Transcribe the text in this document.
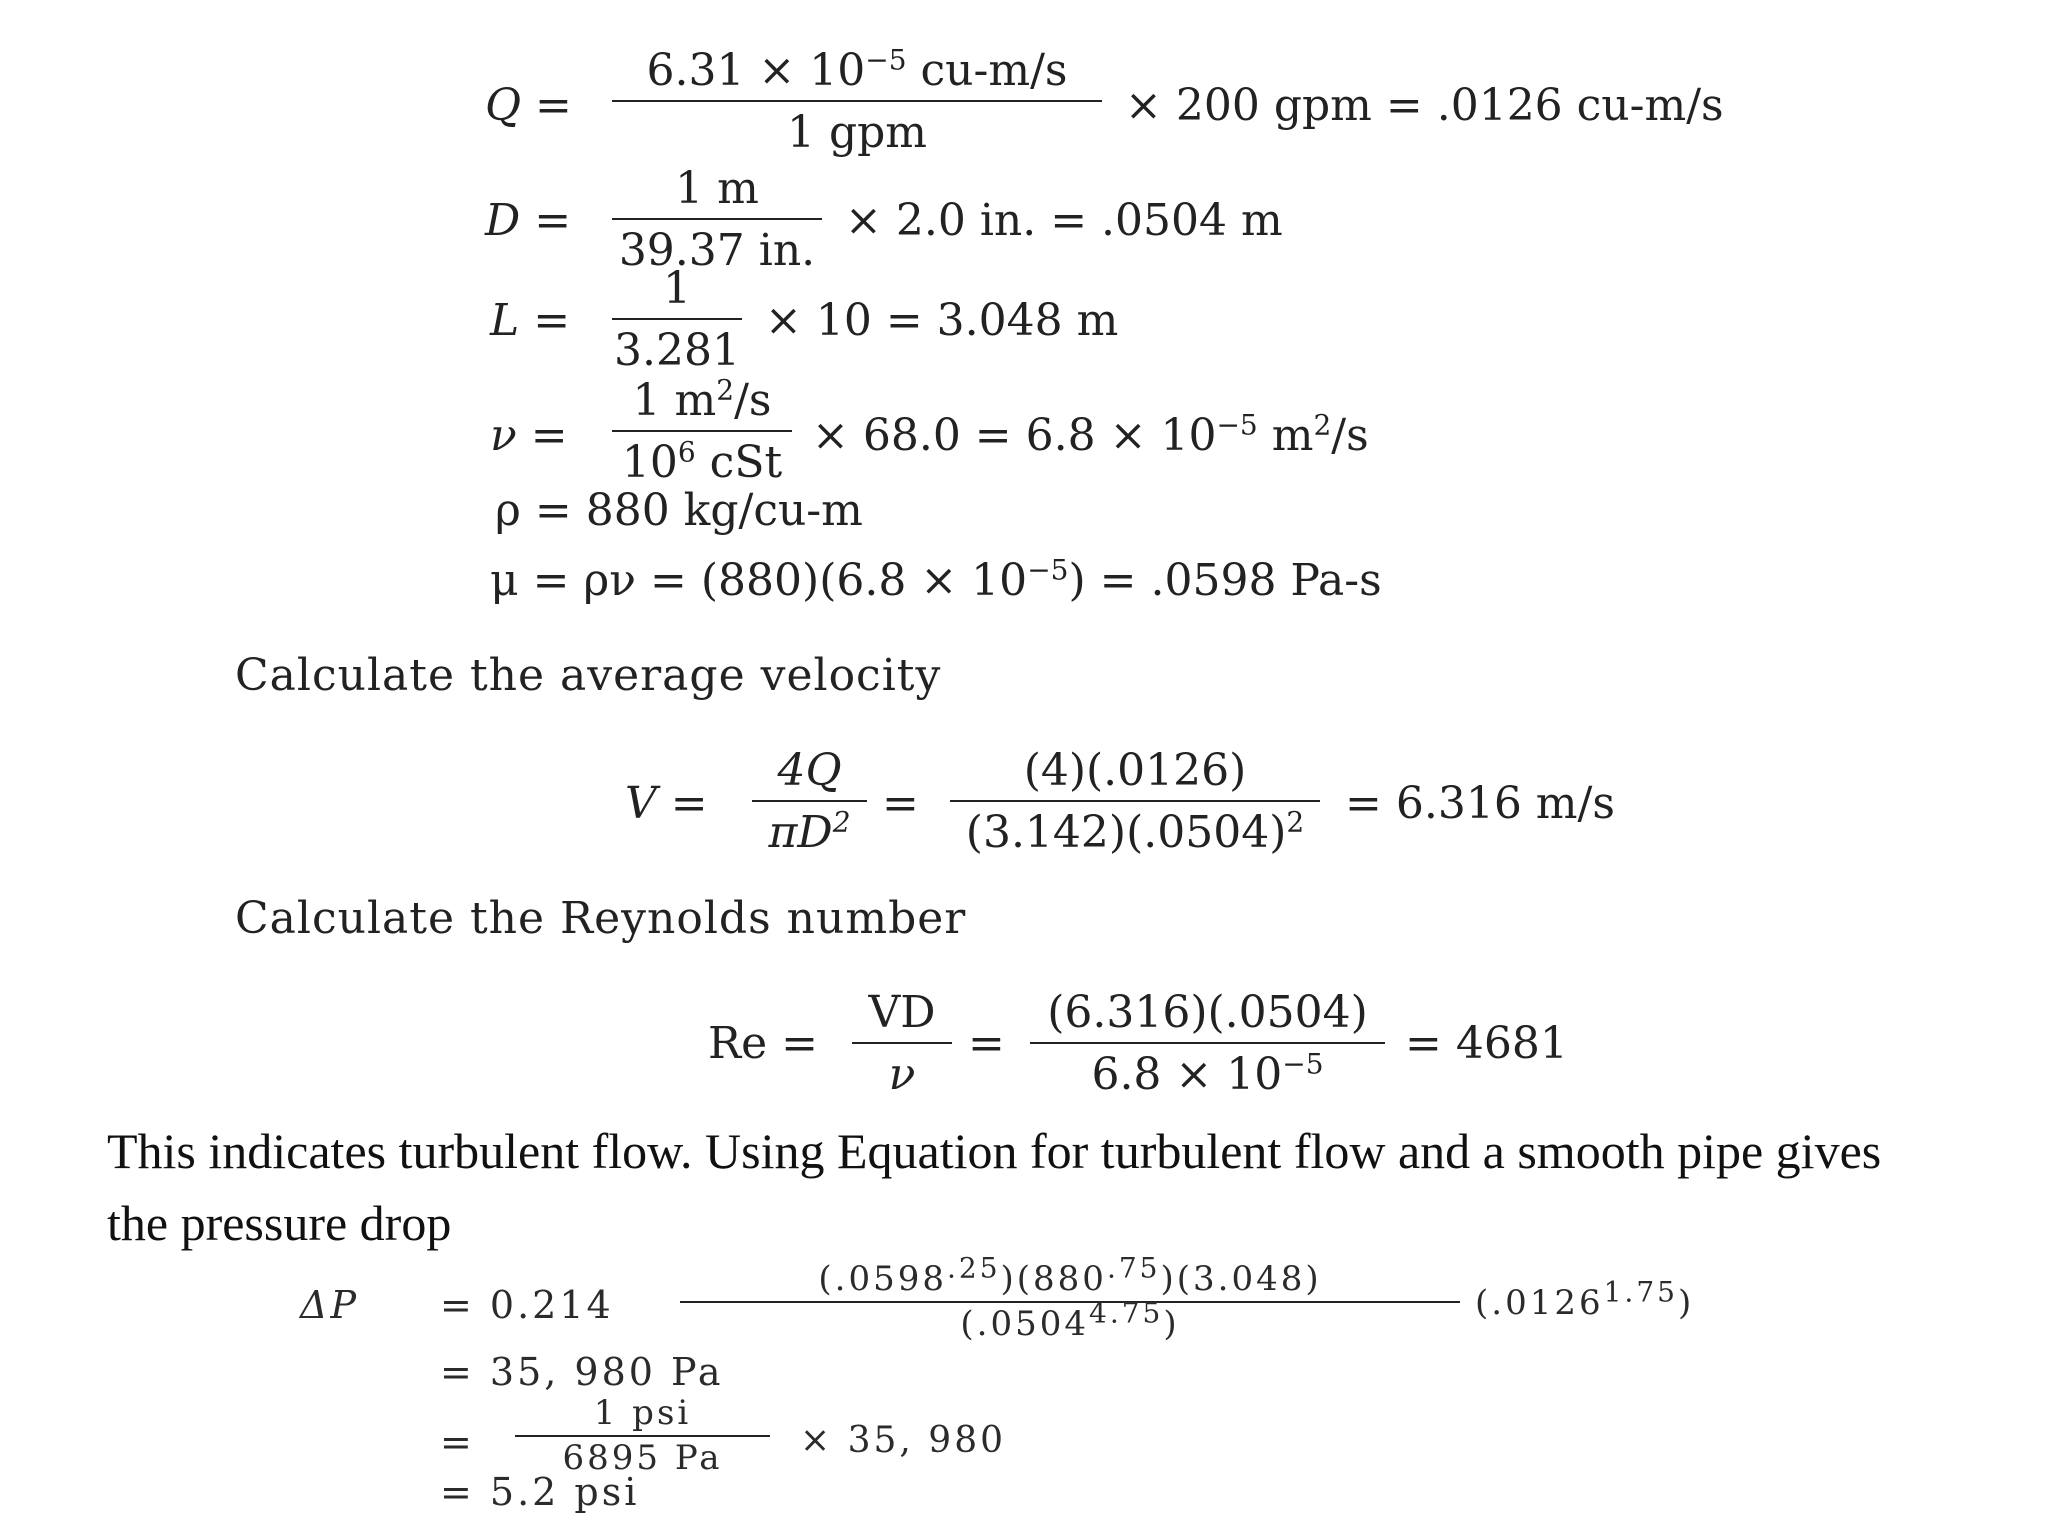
Q =
$6.31 \times 10^{-5}$ cu-m/s
1 gpm
× 200 gpm = .0126 cu-m/s
D =
1 m
39.37 in.
× 2.0 in. = .0504 m
L =
1
3.281
× 10 = 3.048 m
ν =
1 $m^2/s$
$10^6$ cSt
× $68.0 = 6.8 \times 10^{-5}$ $m^2/s$
ρ = 880 kg/cu-m
$\mu = \rho\nu = (880)(6.8 \times 10^{-5}) = .0598$ Pa-s
Calculate the average velocity
V =
4Q
$\pi D^2$ =
(4)(.0126)
$(3.142)(.0504)^2 = 6.316$ m/s
Calculate the Reynolds number
Re =
VD
ν
=
(6.316)(.0504)
$6.8 \times 10^{-5}$	= 4681
This indicates turbulent flow. Using Equation for turbulent flow and a smooth pipe gives
the pressure drop
ΔP = 0.214
$(.0598^{.25})(880^{.75})(3.048)$
$(.0504^{4.75})$
$(.0126^{1.75})$
= 35, 980 Pa
=
1 psi
6895 Pa	× 35, 980
= 5.2 psi
